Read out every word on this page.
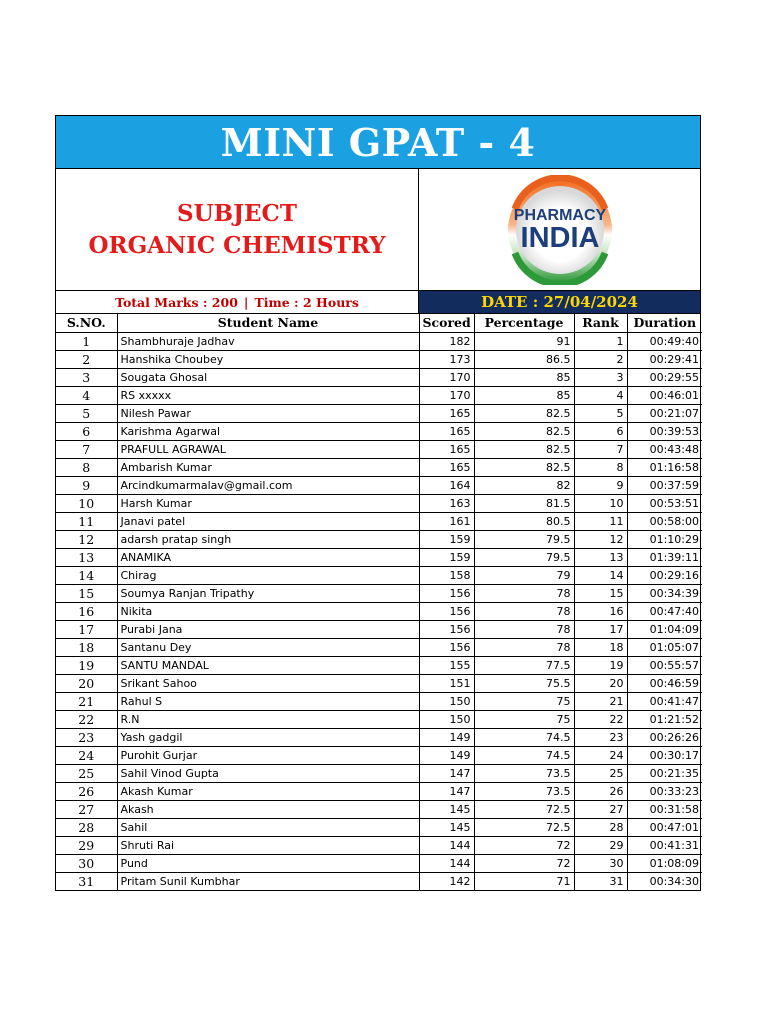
MINI GPAT - 4
SUBJECT
ORGANIC CHEMISTRY
PHARMACY
INDIA
Total Marks : 200 | Time : 2 Hours	DATE : 27/04/2024
S.NO.	Student Name	Scored	Percentage	Rank	Duration
1	Shambhuraje Jadhav	182	91	1	00:49:40
2	Hanshika Choubey	173	86.5	2	00:29:41
3	Sougata Ghosal	170	85	3	00:29:55
4	RS xxxxx	170	85	4	00:46:01
5	Nilesh Pawar	165	82.5	5	00:21:07
6	Karishma Agarwal	165	82.5	6	00:39:53
7	PRAFULL AGRAWAL	165	82.5	7	00:43:48
8	Ambarish Kumar	165	82.5	8	01:16:58
9	Arcindkumarmalav@gmail.com	164	82	9	00:37:59
10	Harsh Kumar	163	81.5	10	00:53:51
11	Janavi patel	161	80.5	11	00:58:00
12	adarsh pratap singh	159	79.5	12	01:10:29
13	ANAMIKA	159	79.5	13	01:39:11
14	Chirag	158	79	14	00:29:16
15	Soumya Ranjan Tripathy	156	78	15	00:34:39
16	Nikita	156	78	16	00:47:40
17	Purabi Jana	156	78	17	01:04:09
18	Santanu Dey	156	78	18	01:05:07
19	SANTU MANDAL	155	77.5	19	00:55:57
20	Srikant Sahoo	151	75.5	20	00:46:59
21	Rahul S	150	75	21	00:41:47
22	R.N	150	75	22	01:21:52
23	Yash gadgil	149	74.5	23	00:26:26
24	Purohit Gurjar	149	74.5	24	00:30:17
25	Sahil Vinod Gupta	147	73.5	25	00:21:35
26	Akash Kumar	147	73.5	26	00:33:23
27	Akash	145	72.5	27	00:31:58
28	Sahil	145	72.5	28	00:47:01
29	Shruti Rai	144	72	29	00:41:31
30	Pund	144	72	30	01:08:09
31	Pritam Sunil Kumbhar	142	71	31	00:34:30
